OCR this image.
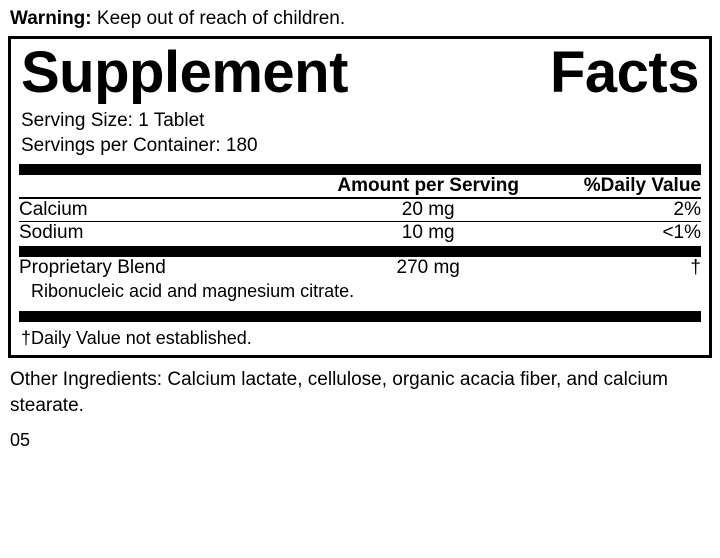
Warning: Keep out of reach of children.
Supplement	Facts
Serving Size: 1 Tablet
Servings per Container: 180
	Amount per Serving	%Daily Value
Calcium	20 mg	2%
Sodium	10 mg	<1%
Proprietary Blend	270 mg	†
Ribonucleic acid and magnesium citrate.
†Daily Value not established.
Other Ingredients: Calcium lactate, cellulose, organic acacia fiber, and calcium stearate.
05
